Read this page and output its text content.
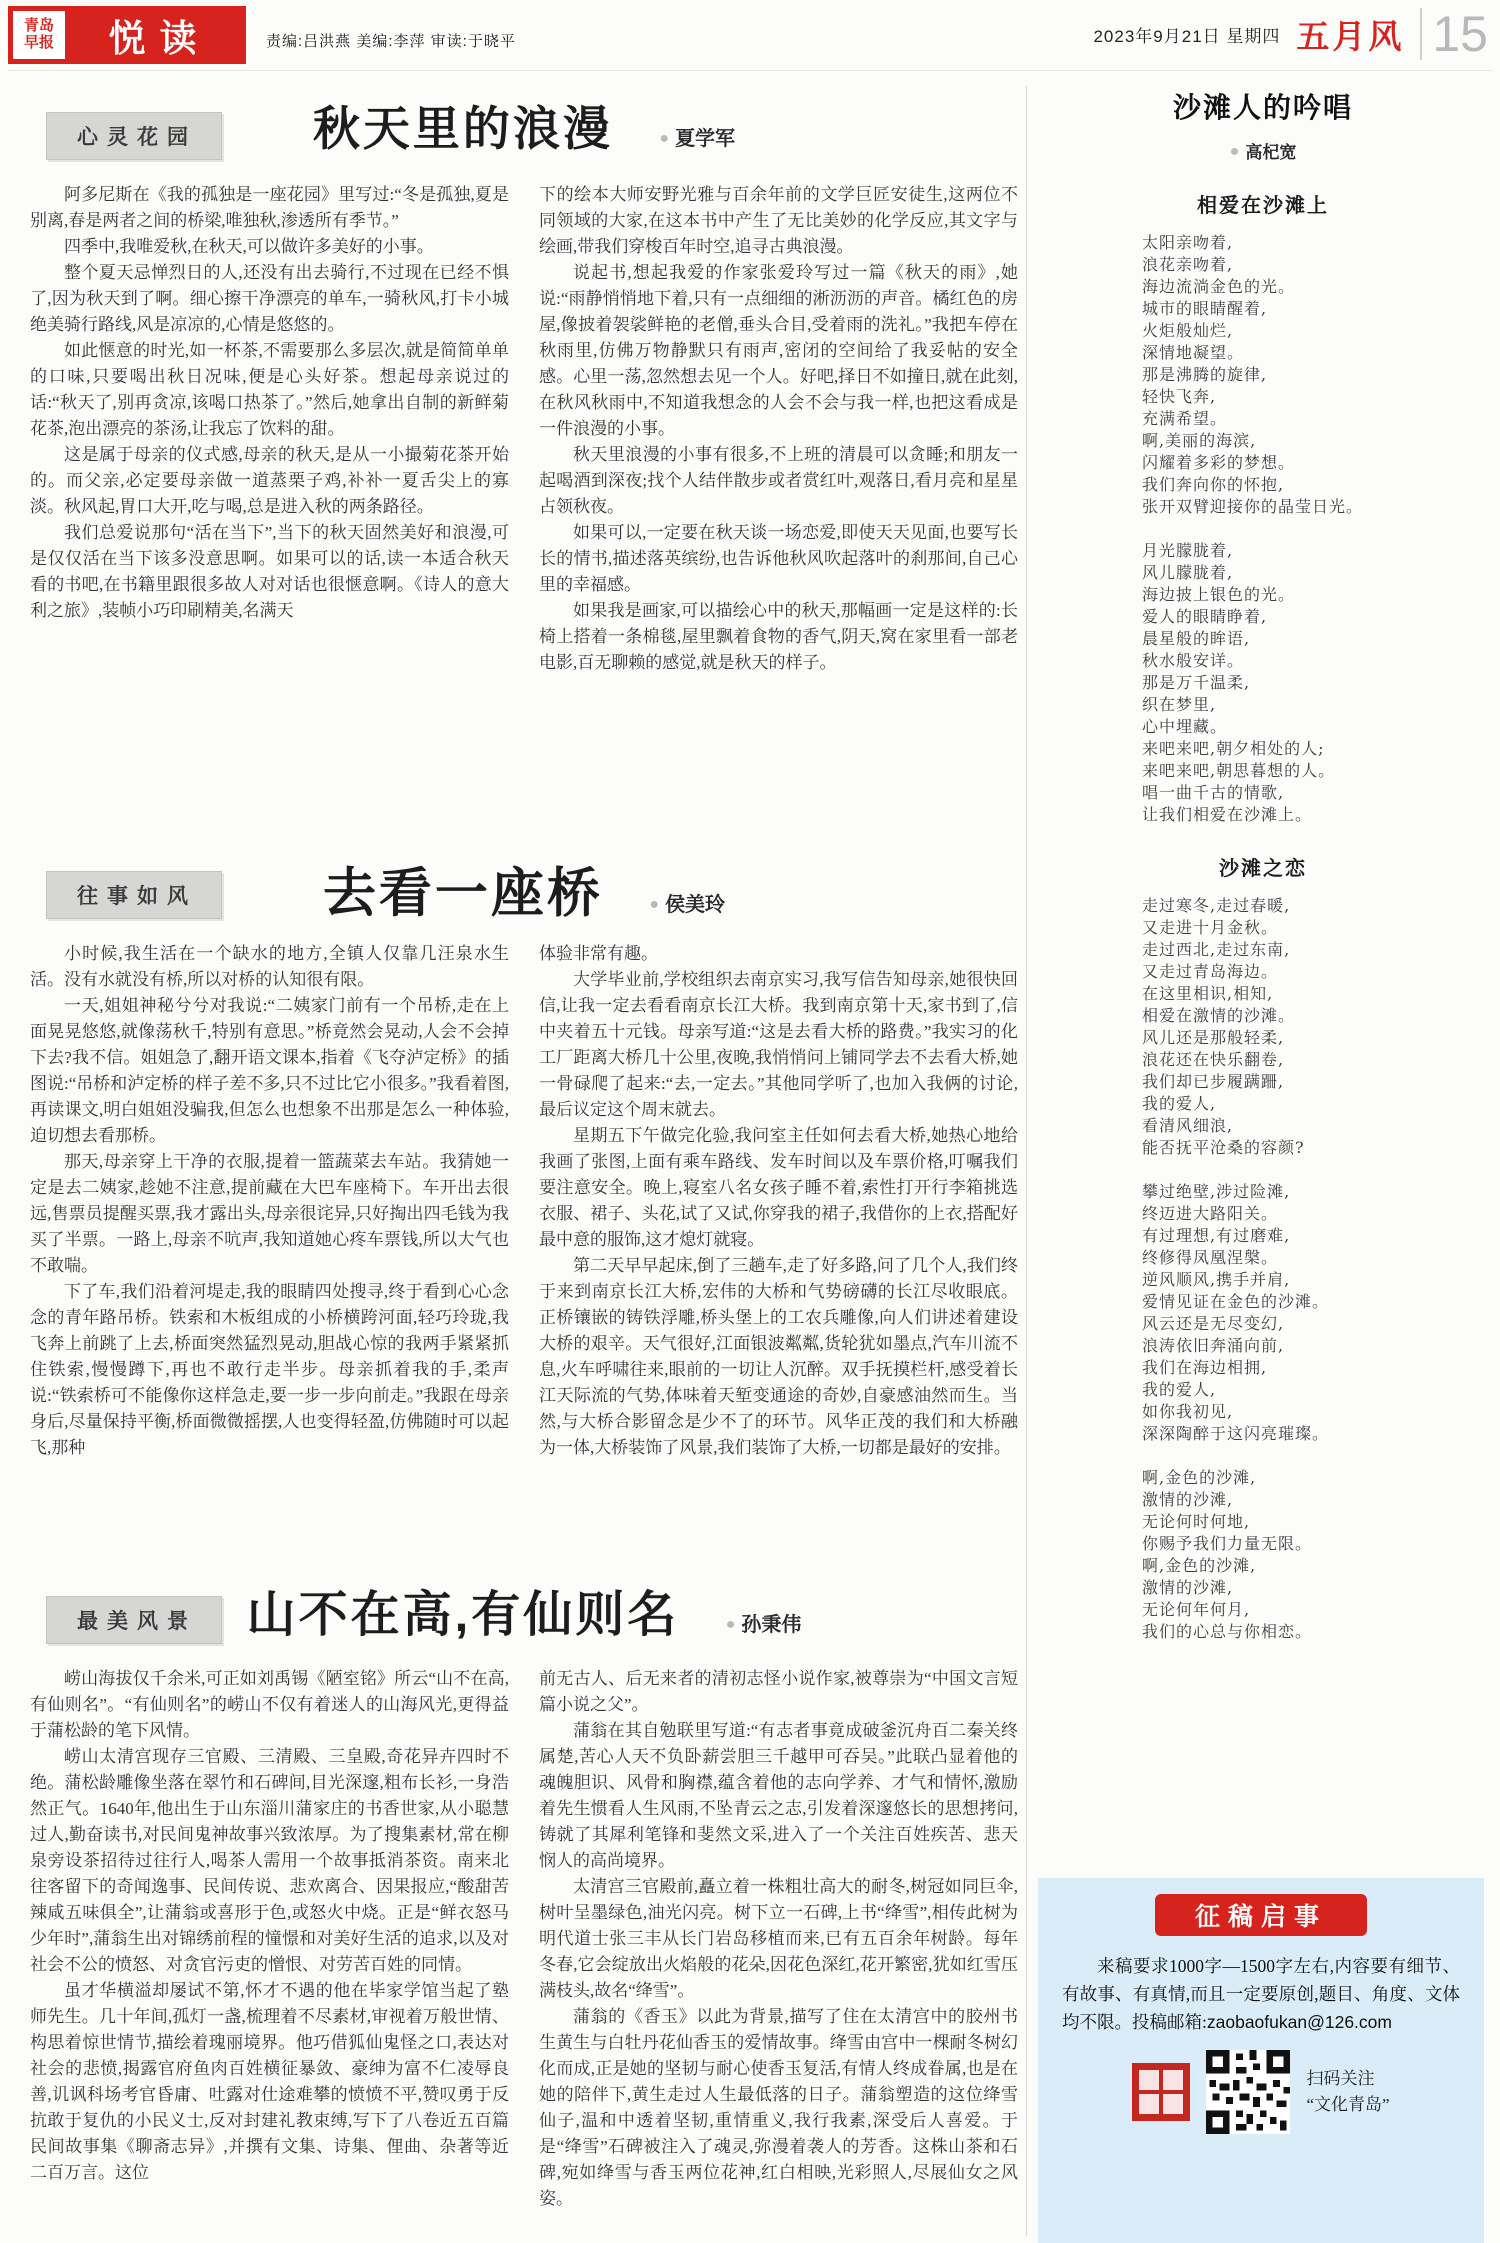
青岛早报	悦读	责编:吕洪燕 美编:李萍 审读:于晓平	2023年9月21日 星期四 五月风 15
心灵花园	秋天里的浪漫	● 夏学军

阿多尼斯在《我的孤独是一座花园》里写过:“冬是孤独,夏是别离,春是两者之间的桥梁,唯独秋,渗透所有季节。”

四季中,我唯爱秋,在秋天,可以做许多美好的小事。

整个夏天忌惮烈日的人,还没有出去骑行,不过现在已经不惧了,因为秋天到了啊。细心擦干净漂亮的单车,一骑秋风,打卡小城绝美骑行路线,风是凉凉的,心情是悠悠的。

如此惬意的时光,如一杯茶,不需要那么多层次,就是简简单单的口味,只要喝出秋日况味,便是心头好茶。想起母亲说过的话:“秋天了,别再贪凉,该喝口热茶了。”然后,她拿出自制的新鲜菊花茶,泡出漂亮的茶汤,让我忘了饮料的甜。

这是属于母亲的仪式感,母亲的秋天,是从一小撮菊花茶开始的。而父亲,必定要母亲做一道蒸栗子鸡,补补一夏舌尖上的寡淡。秋风起,胃口大开,吃与喝,总是进入秋的两条路径。

我们总爱说那句“活在当下”,当下的秋天固然美好和浪漫,可是仅仅活在当下该多没意思啊。如果可以的话,读一本适合秋天看的书吧,在书籍里跟很多故人对对话也很惬意啊。《诗人的意大利之旅》,装帧小巧印刷精美,名满天

下的绘本大师安野光雅与百余年前的文学巨匠安徒生,这两位不同领域的大家,在这本书中产生了无比美妙的化学反应,其文字与绘画,带我们穿梭百年时空,追寻古典浪漫。

说起书,想起我爱的作家张爱玲写过一篇《秋天的雨》,她说:“雨静悄悄地下着,只有一点细细的淅沥沥的声音。橘红色的房屋,像披着袈裟鲜艳的老僧,垂头合目,受着雨的洗礼。”我把车停在秋雨里,仿佛万物静默只有雨声,密闭的空间给了我妥帖的安全感。心里一荡,忽然想去见一个人。好吧,择日不如撞日,就在此刻,在秋风秋雨中,不知道我想念的人会不会与我一样,也把这看成是一件浪漫的小事。

秋天里浪漫的小事有很多,不上班的清晨可以贪睡;和朋友一起喝酒到深夜;找个人结伴散步或者赏红叶,观落日,看月亮和星星占领秋夜。

如果可以,一定要在秋天谈一场恋爱,即使天天见面,也要写长长的情书,描述落英缤纷,也告诉他秋风吹起落叶的刹那间,自己心里的幸福感。

如果我是画家,可以描绘心中的秋天,那幅画一定是这样的:长椅上搭着一条棉毯,屋里飘着食物的香气,阴天,窝在家里看一部老电影,百无聊赖的感觉,就是秋天的样子。

往事如风	去看一座桥	● 侯美玲

小时候,我生活在一个缺水的地方,全镇人仅靠几汪泉水生活。没有水就没有桥,所以对桥的认知很有限。

一天,姐姐神秘兮兮对我说:“二姨家门前有一个吊桥,走在上面晃晃悠悠,就像荡秋千,特别有意思。”桥竟然会晃动,人会不会掉下去?我不信。姐姐急了,翻开语文课本,指着《飞夺泸定桥》的插图说:“吊桥和泸定桥的样子差不多,只不过比它小很多。”我看着图,再读课文,明白姐姐没骗我,但怎么也想象不出那是怎么一种体验,迫切想去看那桥。

那天,母亲穿上干净的衣服,提着一篮蔬菜去车站。我猜她一定是去二姨家,趁她不注意,提前藏在大巴车座椅下。车开出去很远,售票员提醒买票,我才露出头,母亲很诧异,只好掏出四毛钱为我买了半票。一路上,母亲不吭声,我知道她心疼车票钱,所以大气也不敢喘。

下了车,我们沿着河堤走,我的眼睛四处搜寻,终于看到心心念念的青年路吊桥。铁索和木板组成的小桥横跨河面,轻巧玲珑,我飞奔上前跳了上去,桥面突然猛烈晃动,胆战心惊的我两手紧紧抓住铁索,慢慢蹲下,再也不敢行走半步。母亲抓着我的手,柔声说:“铁索桥可不能像你这样急走,要一步一步向前走。”我跟在母亲身后,尽量保持平衡,桥面微微摇摆,人也变得轻盈,仿佛随时可以起飞,那种

体验非常有趣。

大学毕业前,学校组织去南京实习,我写信告知母亲,她很快回信,让我一定去看看南京长江大桥。我到南京第十天,家书到了,信中夹着五十元钱。母亲写道:“这是去看大桥的路费。”我实习的化工厂距离大桥几十公里,夜晚,我悄悄问上铺同学去不去看大桥,她一骨碌爬了起来:“去,一定去。”其他同学听了,也加入我俩的讨论,最后议定这个周末就去。

星期五下午做完化验,我问室主任如何去看大桥,她热心地给我画了张图,上面有乘车路线、发车时间以及车票价格,叮嘱我们要注意安全。晚上,寝室八名女孩子睡不着,索性打开行李箱挑选衣服、裙子、头花,试了又试,你穿我的裙子,我借你的上衣,搭配好最中意的服饰,这才熄灯就寝。

第二天早早起床,倒了三趟车,走了好多路,问了几个人,我们终于来到南京长江大桥,宏伟的大桥和气势磅礴的长江尽收眼底。正桥镶嵌的铸铁浮雕,桥头堡上的工农兵雕像,向人们讲述着建设大桥的艰辛。天气很好,江面银波粼粼,货轮犹如墨点,汽车川流不息,火车呼啸往来,眼前的一切让人沉醉。双手抚摸栏杆,感受着长江天际流的气势,体味着天堑变通途的奇妙,自豪感油然而生。当然,与大桥合影留念是少不了的环节。风华正茂的我们和大桥融为一体,大桥装饰了风景,我们装饰了大桥,一切都是最好的安排。

最美风景	山不在高,有仙则名	● 孙秉伟

崂山海拔仅千余米,可正如刘禹锡《陋室铭》所云“山不在高,有仙则名”。“有仙则名”的崂山不仅有着迷人的山海风光,更得益于蒲松龄的笔下风情。

崂山太清宫现存三官殿、三清殿、三皇殿,奇花异卉四时不绝。蒲松龄雕像坐落在翠竹和石碑间,目光深邃,粗布长衫,一身浩然正气。1640年,他出生于山东淄川蒲家庄的书香世家,从小聪慧过人,勤奋读书,对民间鬼神故事兴致浓厚。为了搜集素材,常在柳泉旁设茶招待过往行人,喝茶人需用一个故事抵消茶资。南来北往客留下的奇闻逸事、民间传说、悲欢离合、因果报应,“酸甜苦辣咸五味俱全”,让蒲翁或喜形于色,或怒火中烧。正是“鲜衣怒马少年时”,蒲翁生出对锦绣前程的憧憬和对美好生活的追求,以及对社会不公的愤怒、对贪官污吏的憎恨、对劳苦百姓的同情。

虽才华横溢却屡试不第,怀才不遇的他在毕家学馆当起了塾师先生。几十年间,孤灯一盏,梳理着不尽素材,审视着万般世情、构思着惊世情节,描绘着瑰丽境界。他巧借狐仙鬼怪之口,表达对社会的悲愤,揭露官府鱼肉百姓横征暴敛、豪绅为富不仁凌辱良善,讥讽科场考官昏庸、吐露对仕途难攀的愤愤不平,赞叹勇于反抗敢于复仇的小民义士,反对封建礼教束缚,写下了八卷近五百篇民间故事集《聊斋志异》,并撰有文集、诗集、俚曲、杂著等近二百万言。这位

前无古人、后无来者的清初志怪小说作家,被尊崇为“中国文言短篇小说之父”。

蒲翁在其自勉联里写道:“有志者事竟成破釜沉舟百二秦关终属楚,苦心人天不负卧薪尝胆三千越甲可吞吴。”此联凸显着他的魂魄胆识、风骨和胸襟,蕴含着他的志向学养、才气和情怀,激励着先生惯看人生风雨,不坠青云之志,引发着深邃悠长的思想拷问,铸就了其犀利笔锋和斐然文采,进入了一个关注百姓疾苦、悲天悯人的高尚境界。

太清宫三官殿前,矗立着一株粗壮高大的耐冬,树冠如同巨伞,树叶呈墨绿色,油光闪亮。树下立一石碑,上书“绛雪”,相传此树为明代道士张三丰从长门岩岛移植而来,已有五百余年树龄。每年冬春,它会绽放出火焰般的花朵,因花色深红,花开繁密,犹如红雪压满枝头,故名“绛雪”。

蒲翁的《香玉》以此为背景,描写了住在太清宫中的胶州书生黄生与白牡丹花仙香玉的爱情故事。绛雪由宫中一棵耐冬树幻化而成,正是她的坚韧与耐心使香玉复活,有情人终成眷属,也是在她的陪伴下,黄生走过人生最低落的日子。蒲翁塑造的这位绛雪仙子,温和中透着坚韧,重情重义,我行我素,深受后人喜爱。于是“绛雪”石碑被注入了魂灵,弥漫着袭人的芳香。这株山茶和石碑,宛如绛雪与香玉两位花神,红白相映,光彩照人,尽展仙女之风姿。

沙滩人的吟唱
● 高杞宽
相爱在沙滩上
太阳亲吻着,
浪花亲吻着,
海边流淌金色的光。
城市的眼睛醒着,
火炬般灿烂,
深情地凝望。
那是沸腾的旋律,
轻快飞奔,
充满希望。
啊,美丽的海滨,
闪耀着多彩的梦想。
我们奔向你的怀抱,
张开双臂迎接你的晶莹日光。
月光朦胧着,
风儿朦胧着,
海边披上银色的光。
爱人的眼睛睁着,
晨星般的眸语,
秋水般安详。
那是万千温柔,
织在梦里,
心中埋藏。
来吧来吧,朝夕相处的人;
来吧来吧,朝思暮想的人。
唱一曲千古的情歌,
让我们相爱在沙滩上。
沙滩之恋
走过寒冬,走过春暖,
又走进十月金秋。
走过西北,走过东南,
又走过青岛海边。
在这里相识,相知,
相爱在激情的沙滩。
风儿还是那般轻柔,
浪花还在快乐翻卷,
我们却已步履蹒跚,
我的爱人,
看清风细浪,
能否抚平沧桑的容颜?
攀过绝壁,涉过险滩,
终迈进大路阳关。
有过理想,有过磨难,
终修得凤凰涅槃。
逆风顺风,携手并肩,
爱情见证在金色的沙滩。
风云还是无尽变幻,
浪涛依旧奔涌向前,
我们在海边相拥,
我的爱人,
如你我初见,
深深陶醉于这闪亮璀璨。
啊,金色的沙滩,
激情的沙滩,
无论何时何地,
你赐予我们力量无限。
啊,金色的沙滩,
激情的沙滩,
无论何年何月,
我们的心总与你相恋。
征稿启事

来稿要求1000字—1500字左右,内容要有细节、有故事、有真情,而且一定要原创,题目、角度、文体均不限。投稿邮箱:zaobaofukan@126.com

扫码关注
“文化青岛”
